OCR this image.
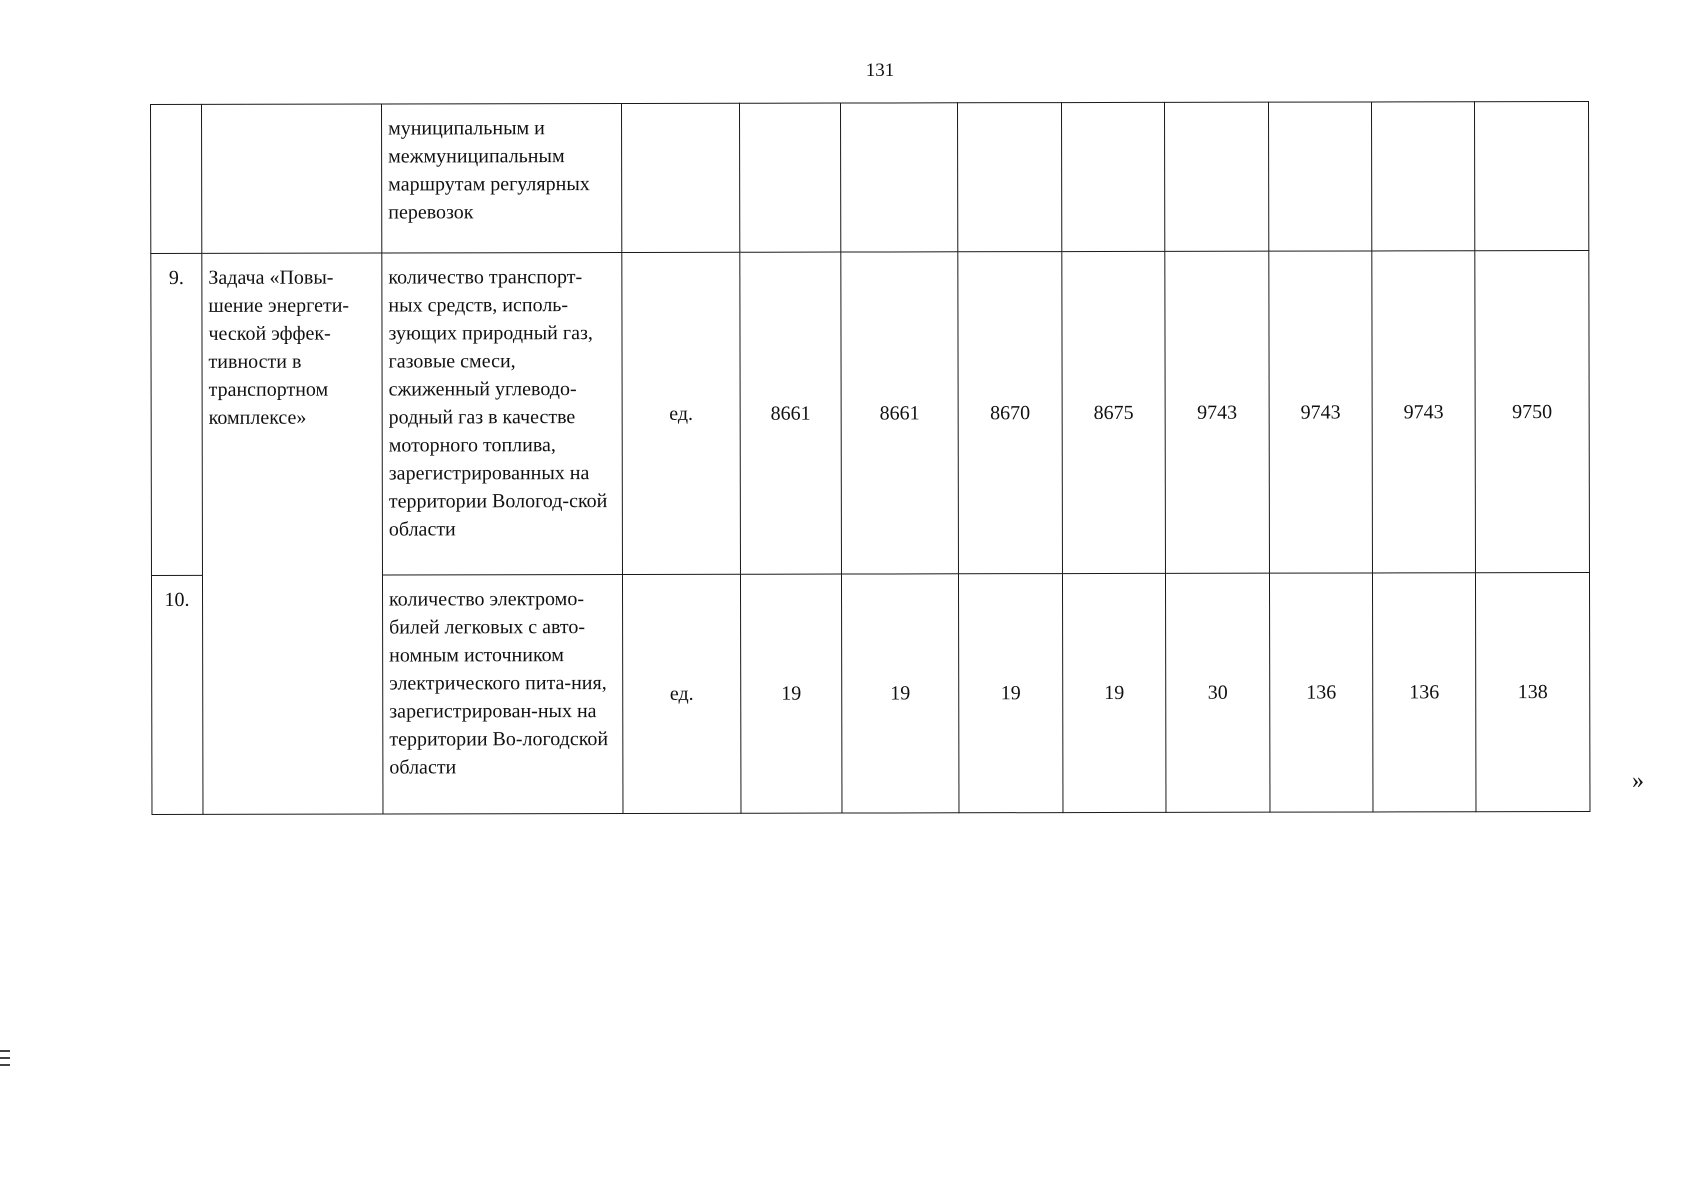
131
		муниципальным и межмуниципальным маршрутам регулярных перевозок									
9.	Задача «Повы-шение энергети-ческой эффек-тивности в транспортном комплексе»	количество транспорт-ных средств, исполь-зующих природный газ, газовые смеси, сжиженный углеводо-родный газ в качестве моторного топлива, зарегистрированных на территории Вологод-ской области	ед.	8661	8661	8670	8675	9743	9743	9743	9750
10.		количество электромо-билей легковых с авто-номным источником электрического пита-ния, зарегистрирован-ных на территории Во-логодской области	ед.	19	19	19	19	30	136	136	138
»
